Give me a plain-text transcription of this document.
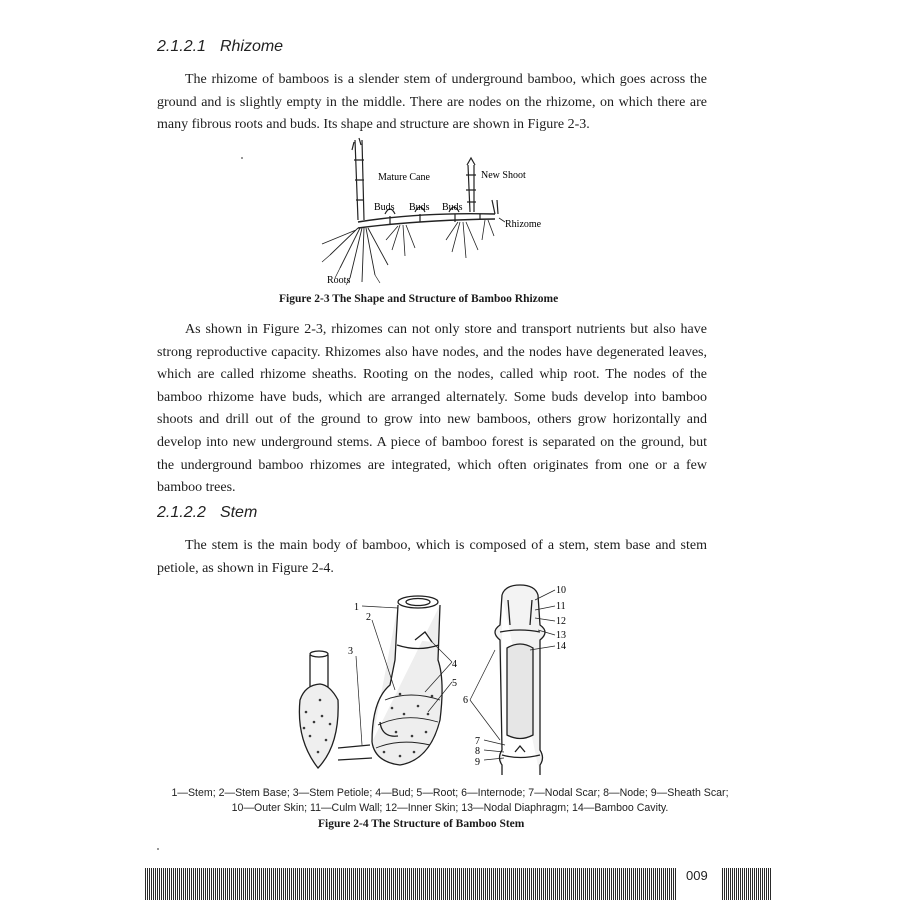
2.1.2.1 Rhizome
The rhizome of bamboos is a slender stem of underground bamboo, which goes across the ground and is slightly empty in the middle. There are nodes on the rhizome, on which there are many fibrous roots and buds. Its shape and structure are shown in Figure 2-3.
Mature Cane	New Shoot
Buds Buds Buds
Rhizome
Roots
Figure 2-3 The Shape and Structure of Bamboo Rhizome
As shown in Figure 2-3, rhizomes can not only store and transport nutrients but also have strong reproductive capacity. Rhizomes also have nodes, and the nodes have degenerated leaves, which are called rhizome sheaths. Rooting on the nodes, called whip root. The nodes of the bamboo rhizome have buds, which are arranged alternately. Some buds develop into bamboo shoots and drill out of the ground to grow into new bamboos, others grow horizontally and develop into new underground stems. A piece of bamboo forest is separated on the ground, but the underground bamboo rhizomes are integrated, which often originates from one or a few bamboo trees.
2.1.2.2 Stem
The stem is the main body of bamboo, which is composed of a stem, stem base and stem petiole, as shown in Figure 2-4.
1
2
3
4
5
6
7
8
9
10
11
12
13
14
1—Stem; 2—Stem Base; 3—Stem Petiole; 4—Bud; 5—Root; 6—Internode; 7—Nodal Scar; 8—Node; 9—Sheath Scar;
10—Outer Skin; 11—Culm Wall; 12—Inner Skin; 13—Nodal Diaphragm; 14—Bamboo Cavity.
Figure 2-4 The Structure of Bamboo Stem
009
